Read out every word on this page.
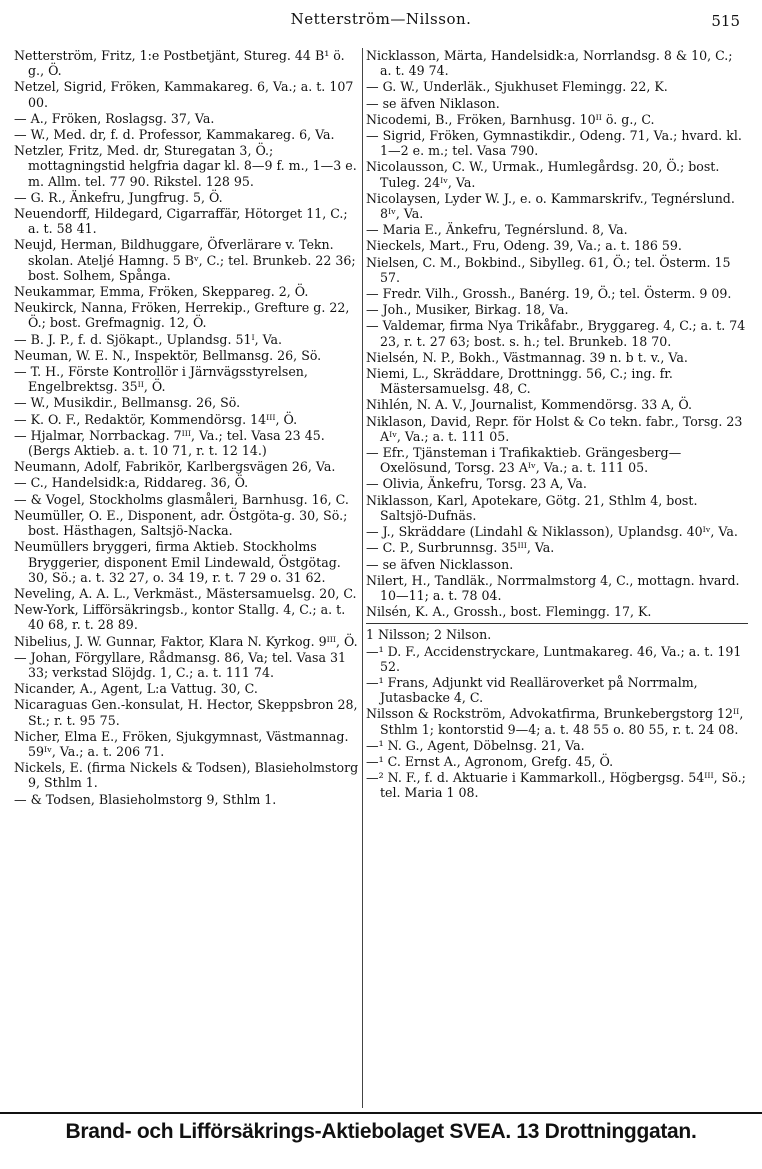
Netterström—Nilsson.	515
Netterström, Fritz, 1:e Postbetjänt, Stureg. 44 B¹ ö. g., Ö.
Netzel, Sigrid, Fröken, Kammakareg. 6, Va.; a. t. 107 00.
— A., Fröken, Roslagsg. 37, Va.
— W., Med. dr, f. d. Professor, Kammakareg. 6, Va.
Netzler, Fritz, Med. dr, Sturegatan 3, Ö.; mottagningstid helgfria dagar kl. 8—9 f. m., 1—3 e. m. Allm. tel. 77 90. Rikstel. 128 95.
— G. R., Änkefru, Jungfrug. 5, Ö.
Neuendorff, Hildegard, Cigarraffär, Hötorget 11, C.; a. t. 58 41.
Neujd, Herman, Bildhuggare, Öfverlärare v. Tekn. skolan. Ateljé Hamng. 5 Bᵛ, C.; tel. Brunkeb. 22 36; bost. Solhem, Spånga.
Neukammar, Emma, Fröken, Skeppareg. 2, Ö.
Neukirck, Nanna, Fröken, Herrekip., Grefture g. 22, Ö.; bost. Grefmagnig. 12, Ö.
— B. J. P., f. d. Sjökapt., Uplandsg. 51ᴵ, Va.
Neuman, W. E. N., Inspektör, Bellmansg. 26, Sö.
— T. H., Förste Kontrollör i Järnvägsstyrelsen, Engelbrektsg. 35ᴵᴵ, Ö.
— W., Musikdir., Bellmansg. 26, Sö.
— K. O. F., Redaktör, Kommendörsg. 14ᴵᴵᴵ, Ö.
— Hjalmar, Norrbackag. 7ᴵᴵᴵ, Va.; tel. Vasa 23 45. (Bergs Aktieb. a. t. 10 71, r. t. 12 14.)
Neumann, Adolf, Fabrikör, Karlbergsvägen 26, Va.
— C., Handelsidk:a, Riddareg. 36, Ö.
— & Vogel, Stockholms glasmåleri, Barnhusg. 16, C.
Neumüller, O. E., Disponent, adr. Östgöta-g. 30, Sö.; bost. Hästhagen, Saltsjö-Nacka.
Neumüllers bryggeri, firma Aktieb. Stockholms Bryggerier, disponent Emil Lindewald, Östgötag. 30, Sö.; a. t. 32 27, o. 34 19, r. t. 7 29 o. 31 62.
Neveling, A. A. L., Verkmäst., Mästersamuelsg. 20, C.
New-York, Lifförsäkringsb., kontor Stallg. 4, C.; a. t. 40 68, r. t. 28 89.
Nibelius, J. W. Gunnar, Faktor, Klara N. Kyrkog. 9ᴵᴵᴵ, Ö.
— Johan, Förgyllare, Rådmansg. 86, Va; tel. Vasa 31 33; verkstad Slöjdg. 1, C.; a. t. 111 74.
Nicander, A., Agent, L:a Vattug. 30, C.
Nicaraguas Gen.-konsulat, H. Hector, Skeppsbron 28, St.; r. t. 95 75.
Nicher, Elma E., Fröken, Sjukgymnast, Västmannag. 59ᴵᵛ, Va.; a. t. 206 71.
Nickels, E. (firma Nickels & Todsen), Blasieholmstorg 9, Sthlm 1.
— & Todsen, Blasieholmstorg 9, Sthlm 1.
Nicklasson, Märta, Handelsidk:a, Norrlandsg. 8 & 10, C.; a. t. 49 74.
— G. W., Underläk., Sjukhuset Flemingg. 22, K.
— se äfven Niklason.
Nicodemi, B., Fröken, Barnhusg. 10ᴵᴵ ö. g., C.
— Sigrid, Fröken, Gymnastikdir., Odeng. 71, Va.; hvard. kl. 1—2 e. m.; tel. Vasa 790.
Nicolausson, C. W., Urmak., Humlegårdsg. 20, Ö.; bost. Tuleg. 24ᴵᵛ, Va.
Nicolaysen, Lyder W. J., e. o. Kammarskrifv., Tegnérslund. 8ᴵᵛ, Va.
— Maria E., Änkefru, Tegnérslund. 8, Va.
Nieckels, Mart., Fru, Odeng. 39, Va.; a. t. 186 59.
Nielsen, C. M., Bokbind., Sibylleg. 61, Ö.; tel. Österm. 15 57.
— Fredr. Vilh., Grossh., Banérg. 19, Ö.; tel. Österm. 9 09.
— Joh., Musiker, Birkag. 18, Va.
— Valdemar, firma Nya Trikåfabr., Bryggareg. 4, C.; a. t. 74 23, r. t. 27 63; bost. s. h.; tel. Brunkeb. 18 70.
Nielsén, N. P., Bokh., Västmannag. 39 n. b t. v., Va.
Niemi, L., Skräddare, Drottningg. 56, C.; ing. fr. Mästersamuelsg. 48, C.
Nihlén, N. A. V., Journalist, Kommendörsg. 33 A, Ö.
Niklason, David, Repr. för Holst & Co tekn. fabr., Torsg. 23 Aᴵᵛ, Va.; a. t. 111 05.
— Efr., Tjänsteman i Trafikaktieb. Grängesberg—Oxelösund, Torsg. 23 Aᴵᵛ, Va.; a. t. 111 05.
— Olivia, Änkefru, Torsg. 23 A, Va.
Niklasson, Karl, Apotekare, Götg. 21, Sthlm 4, bost. Saltsjö-Dufnäs.
— J., Skräddare (Lindahl & Niklasson), Uplandsg. 40ᴵᵛ, Va.
— C. P., Surbrunnsg. 35ᴵᴵᴵ, Va.
— se äfven Nicklasson.
Nilert, H., Tandläk., Norrmalmstorg 4, C., mottagn. hvard. 10—11; a. t. 78 04.
Nilsén, K. A., Grossh., bost. Flemingg. 17, K.
1 Nilsson; 2 Nilson.
—¹ D. F., Accidenstryckare, Luntmakareg. 46, Va.; a. t. 191 52.
—¹ Frans, Adjunkt vid Realläroverket på Norrmalm, Jutasbacke 4, C.
Nilsson & Rockström, Advokatfirma, Brunkebergstorg 12ᴵᴵ, Sthlm 1; kontorstid 9—4; a. t. 48 55 o. 80 55, r. t. 24 08.
—¹ N. G., Agent, Döbelnsg. 21, Va.
—¹ C. Ernst A., Agronom, Grefg. 45, Ö.
—² N. F., f. d. Aktuarie i Kammarkoll., Högbergsg. 54ᴵᴵᴵ, Sö.; tel. Maria 1 08.
Brand- och Lifförsäkrings-Aktiebolaget SVEA. 13 Drottninggatan.
